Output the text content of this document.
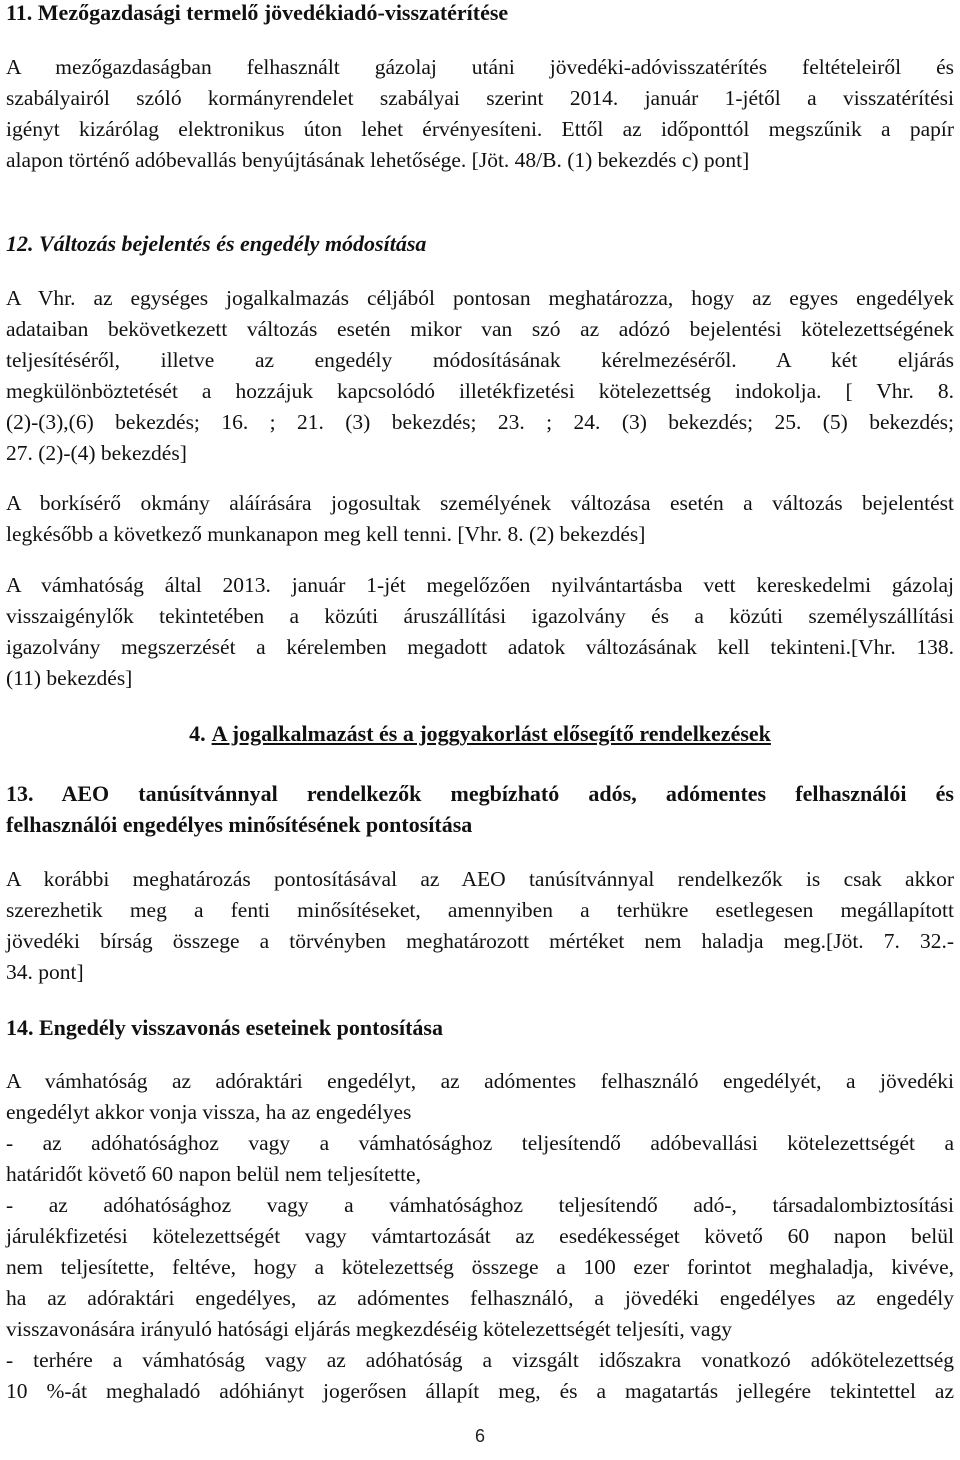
11. Mezőgazdasági termelő jövedékiadó-visszatérítése
A mezőgazdaságban felhasznált gázolaj utáni jövedéki-adóvisszatérítés feltételeiről és
szabályairól szóló kormányrendelet szabályai szerint 2014. január 1-jétől a visszatérítési
igényt kizárólag elektronikus úton lehet érvényesíteni. Ettől az időponttól megszűnik a papír
alapon történő adóbevallás benyújtásának lehetősége. [Jöt. 48/B. (1) bekezdés c) pont]
12. Változás bejelentés és engedély módosítása
A Vhr. az egységes jogalkalmazás céljából pontosan meghatározza, hogy az egyes engedélyek
adataiban bekövetkezett változás esetén mikor van szó az adózó bejelentési kötelezettségének
teljesítéséről, illetve az engedély módosításának kérelmezéséről. A két eljárás
megkülönböztetését a hozzájuk kapcsolódó illetékfizetési kötelezettség indokolja. [ Vhr. 8.
(2)-(3),(6) bekezdés; 16. ; 21. (3) bekezdés; 23. ; 24. (3) bekezdés; 25. (5) bekezdés;
27. (2)-(4) bekezdés]
A borkísérő okmány aláírására jogosultak személyének változása esetén a változás bejelentést
legkésőbb a következő munkanapon meg kell tenni. [Vhr. 8. (2) bekezdés]
A vámhatóság által 2013. január 1-jét megelőzően nyilvántartásba vett kereskedelmi gázolaj
visszaigénylők tekintetében a közúti áruszállítási igazolvány és a közúti személyszállítási
igazolvány megszerzését a kérelemben megadott adatok változásának kell tekinteni.[Vhr. 138.
(11) bekezdés]
4. A jogalkalmazást és a joggyakorlást elősegítő rendelkezések
13. AEO tanúsítvánnyal rendelkezők megbízható adós, adómentes felhasználói és
felhasználói engedélyes minősítésének pontosítása
A korábbi meghatározás pontosításával az AEO tanúsítvánnyal rendelkezők is csak akkor
szerezhetik meg a fenti minősítéseket, amennyiben a terhükre esetlegesen megállapított
jövedéki bírság összege a törvényben meghatározott mértéket nem haladja meg.[Jöt. 7. 32.-
34. pont]
14. Engedély visszavonás eseteinek pontosítása
A vámhatóság az adóraktári engedélyt, az adómentes felhasználó engedélyét, a jövedéki
engedélyt akkor vonja vissza, ha az engedélyes
- az adóhatósághoz vagy a vámhatósághoz teljesítendő adóbevallási kötelezettségét a
határidőt követő 60 napon belül nem teljesítette,
- az adóhatósághoz vagy a vámhatósághoz teljesítendő adó-, társadalombiztosítási
járulékfizetési kötelezettségét vagy vámtartozását az esedékességet követő 60 napon belül
nem teljesítette, feltéve, hogy a kötelezettség összege a 100 ezer forintot meghaladja, kivéve,
ha az adóraktári engedélyes, az adómentes felhasználó, a jövedéki engedélyes az engedély
visszavonására irányuló hatósági eljárás megkezdéséig kötelezettségét teljesíti, vagy
- terhére a vámhatóság vagy az adóhatóság a vizsgált időszakra vonatkozó adókötelezettség
10 %-át meghaladó adóhiányt jogerősen állapít meg, és a magatartás jellegére tekintettel az
6
